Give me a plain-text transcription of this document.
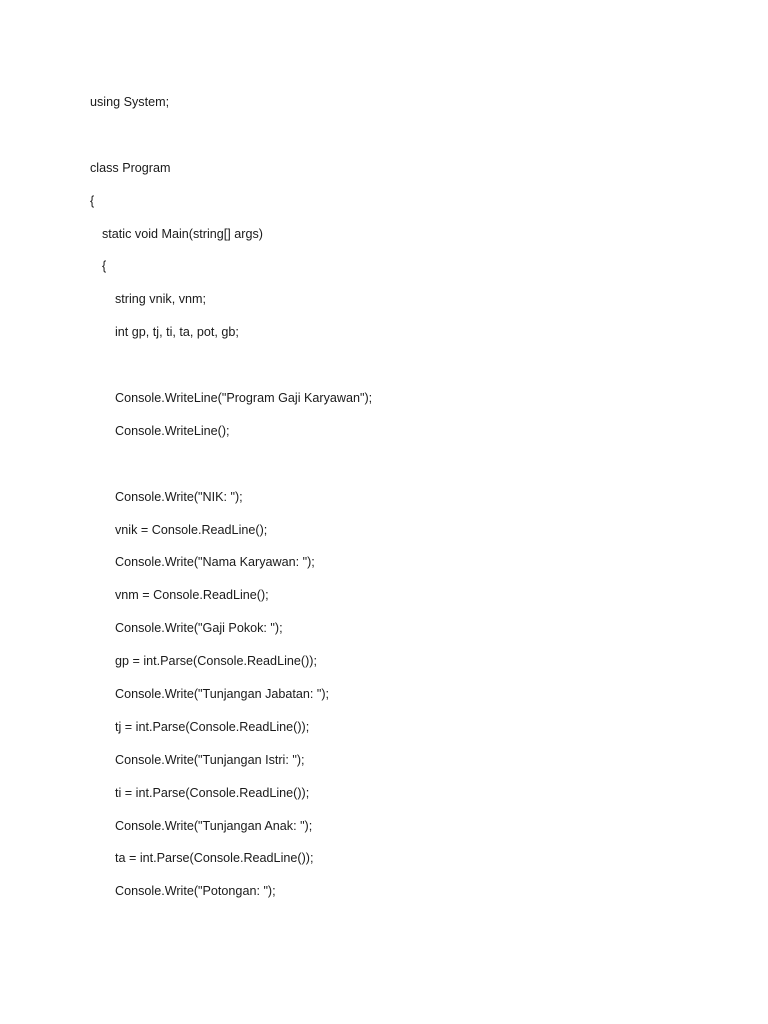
using System;
class Program
{
static void Main(string[] args)
{
string vnik, vnm;
int gp, tj, ti, ta, pot, gb;
Console.WriteLine("Program Gaji Karyawan");
Console.WriteLine();
Console.Write("NIK: ");
vnik = Console.ReadLine();
Console.Write("Nama Karyawan: ");
vnm = Console.ReadLine();
Console.Write("Gaji Pokok: ");
gp = int.Parse(Console.ReadLine());
Console.Write("Tunjangan Jabatan: ");
tj = int.Parse(Console.ReadLine());
Console.Write("Tunjangan Istri: ");
ti = int.Parse(Console.ReadLine());
Console.Write("Tunjangan Anak: ");
ta = int.Parse(Console.ReadLine());
Console.Write("Potongan: ");
